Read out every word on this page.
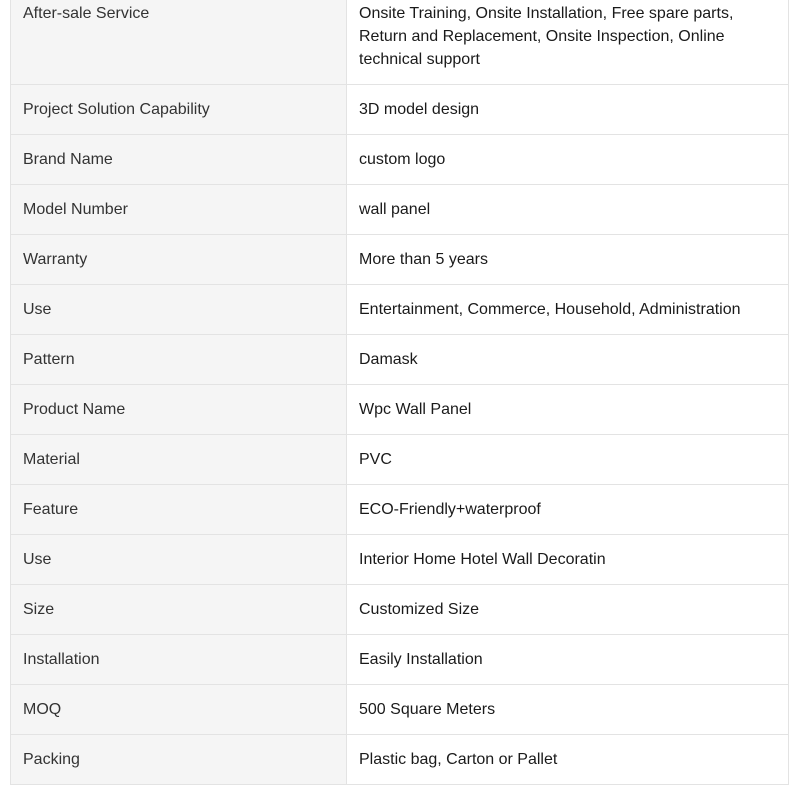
After-sale Service	Onsite Training, Onsite Installation, Free spare parts, Return and Replacement, Onsite Inspection, Online technical support
Project Solution Capability	3D model design
Brand Name	custom logo
Model Number	wall panel
Warranty	More than 5 years
Use	Entertainment, Commerce, Household, Administration
Pattern	Damask
Product Name	Wpc Wall Panel
Material	PVC
Feature	ECO-Friendly+waterproof
Use	Interior Home Hotel Wall Decoratin
Size	Customized Size
Installation	Easily Installation
MOQ	500 Square Meters
Packing	Plastic bag, Carton or Pallet
